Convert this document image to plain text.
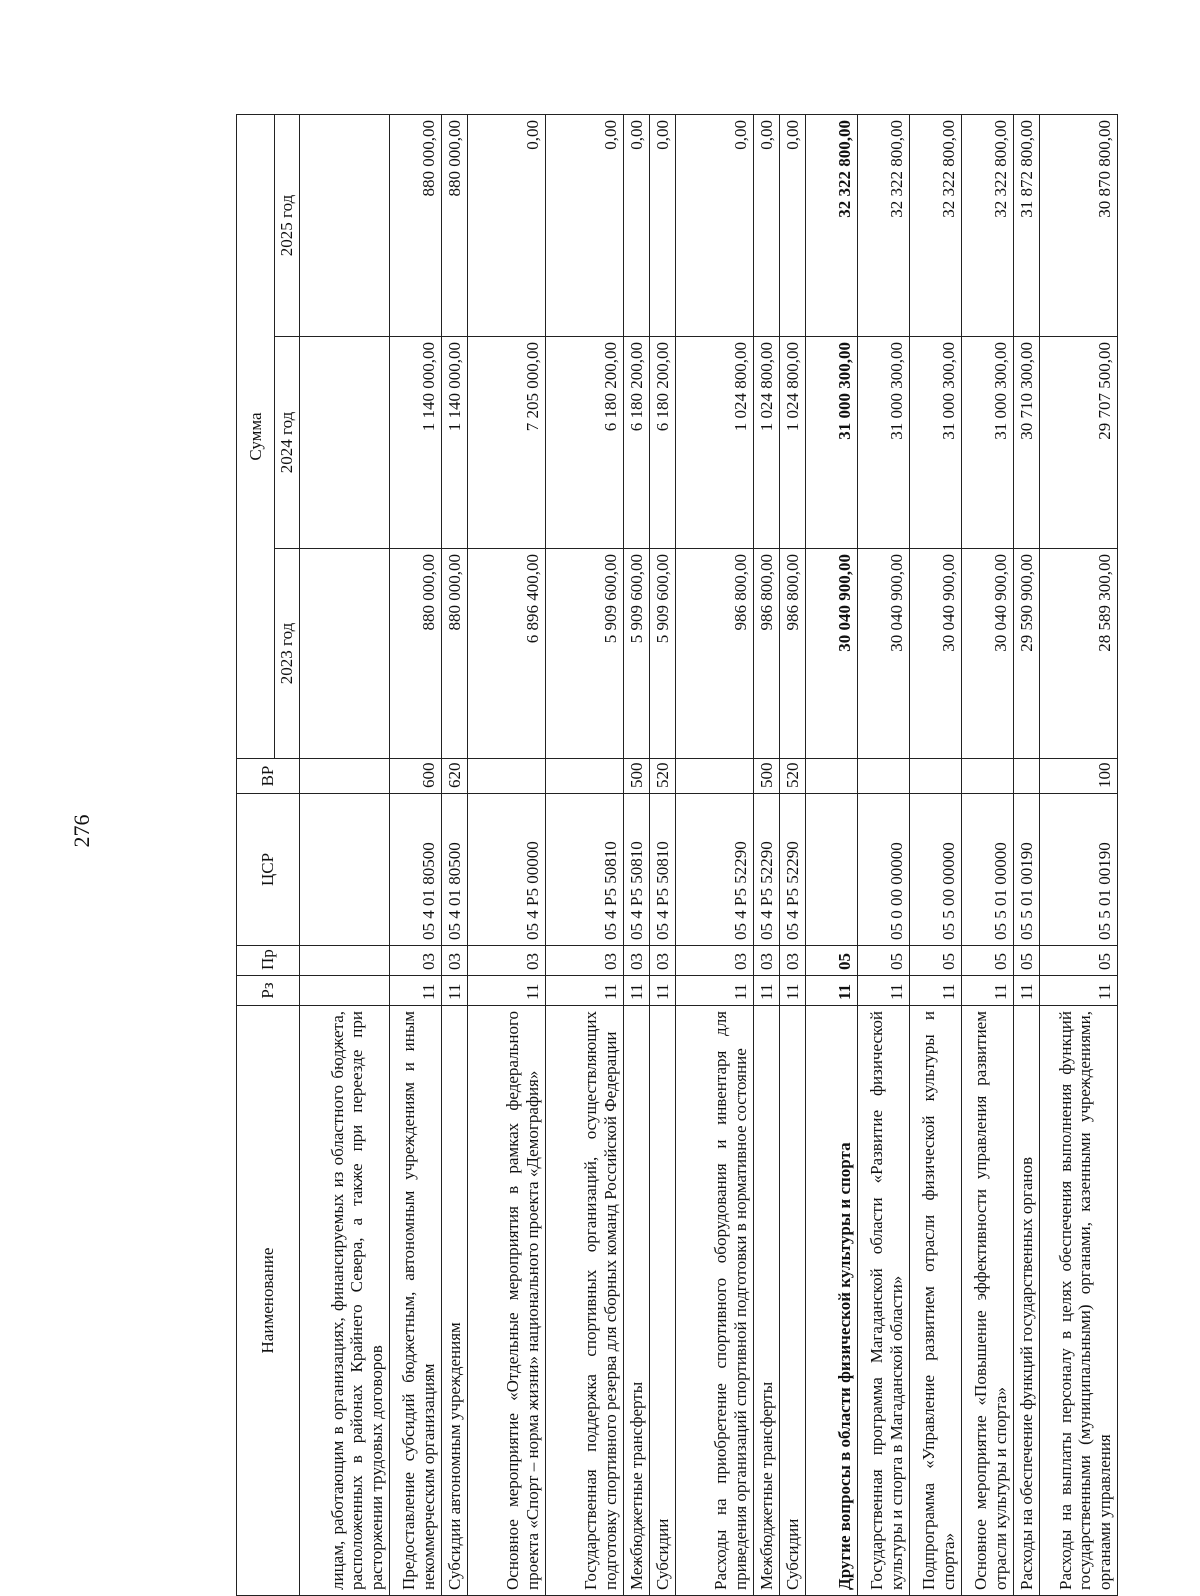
276
Наименование	Рз	Пр	ЦСР	ВР	Сумма		
					2023 год	2024 год	2025 год
лицам, работающим в организациях, финансируемых из областного бюджета, расположенных в районах Крайнего Севера, а также при переезде при расторжении трудовых договоров							
Предоставление субсидий бюджетным, автономным учреждениям и иным некоммерческим организациям	11	03	05 4 01 80500	600	880 000,00	1 140 000,00	880 000,00
Субсидии автономным учреждениям	11	03	05 4 01 80500	620	880 000,00	1 140 000,00	880 000,00
Основное мероприятие «Отдельные мероприятия в рамках федерального проекта «Спорт – норма жизни» национального проекта «Демография»	11	03	05 4 P5 00000		6 896 400,00	7 205 000,00	0,00
Государственная поддержка спортивных организаций, осуществляющих подготовку спортивного резерва для сборных команд Российской Федерации	11	03	05 4 P5 50810		5 909 600,00	6 180 200,00	0,00
Межбюджетные трансферты	11	03	05 4 P5 50810	500	5 909 600,00	6 180 200,00	0,00
Субсидии	11	03	05 4 P5 50810	520	5 909 600,00	6 180 200,00	0,00
Расходы на приобретение спортивного оборудования и инвентаря для приведения организаций спортивной подготовки в нормативное состояние	11	03	05 4 P5 52290		986 800,00	1 024 800,00	0,00
Межбюджетные трансферты	11	03	05 4 P5 52290	500	986 800,00	1 024 800,00	0,00
Субсидии	11	03	05 4 P5 52290	520	986 800,00	1 024 800,00	0,00
Другие вопросы в области физической культуры и спорта	11	05			30 040 900,00	31 000 300,00	32 322 800,00
Государственная программа Магаданской области «Развитие физической культуры и спорта в Магаданской области»	11	05	05 0 00 00000		30 040 900,00	31 000 300,00	32 322 800,00
Подпрограмма «Управление развитием отрасли физической культуры и спорта»	11	05	05 5 00 00000		30 040 900,00	31 000 300,00	32 322 800,00
Основное мероприятие «Повышение эффективности управления развитием отрасли культуры и спорта»	11	05	05 5 01 00000		30 040 900,00	31 000 300,00	32 322 800,00
Расходы на обеспечение функций государственных органов	11	05	05 5 01 00190		29 590 900,00	30 710 300,00	31 872 800,00
Расходы на выплаты персоналу в целях обеспечения выполнения функций государственными (муниципальными) органами, казенными учреждениями, органами управления	11	05	05 5 01 00190	100	28 589 300,00	29 707 500,00	30 870 800,00
